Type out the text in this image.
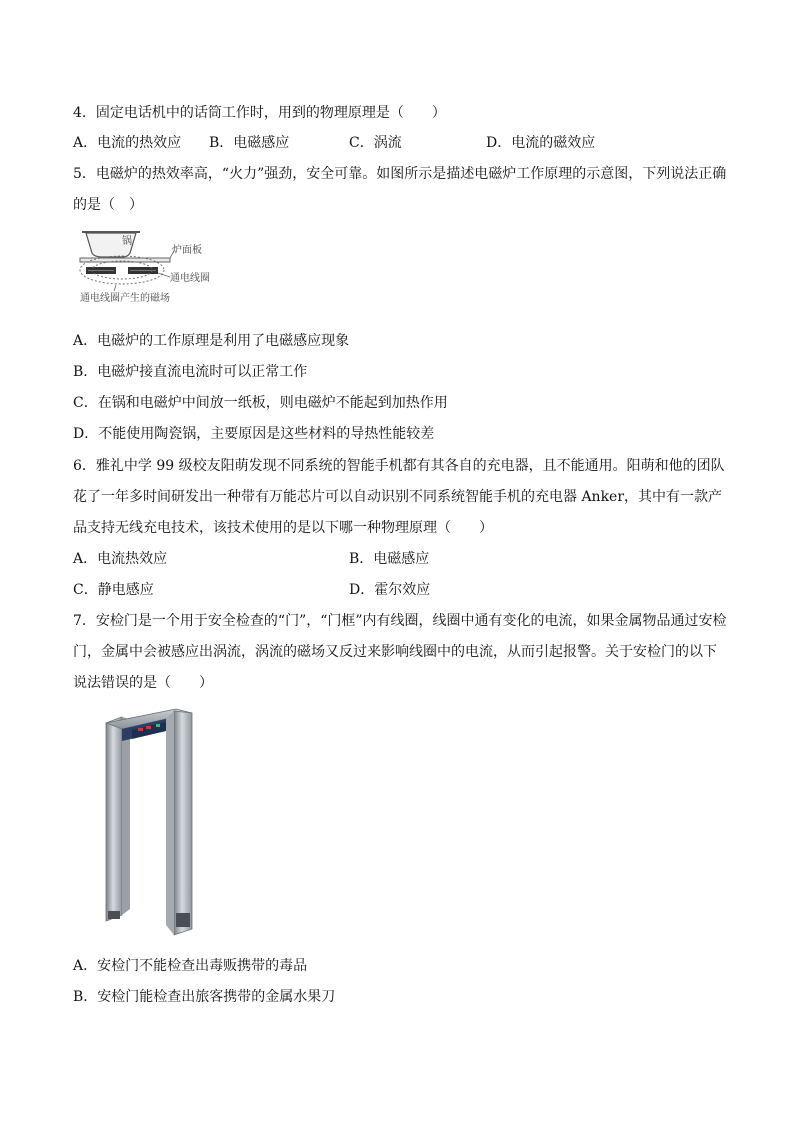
4．固定电话机中的话筒工作时，用到的物理原理是（　　）
A．电流的热效应 B．电磁感应	C．涡流	D．电流的磁效应
5．电磁炉的热效率高，“火力”强劲，安全可靠。如图所示是描述电磁炉工作原理的示意图，下列说法正确
的是（　）
锅
炉面板
通电线圈
通电线圈产生的磁场
A．电磁炉的工作原理是利用了电磁感应现象
B．电磁炉接直流电流时可以正常工作
C．在锅和电磁炉中间放一纸板，则电磁炉不能起到加热作用
D．不能使用陶瓷锅，主要原因是这些材料的导热性能较差
6．雅礼中学 99 级校友阳萌发现不同系统的智能手机都有其各自的充电器，且不能通用。阳萌和他的团队
花了一年多时间研发出一种带有万能芯片可以自动识别不同系统智能手机的充电器 Anker，其中有一款产
品支持无线充电技术，该技术使用的是以下哪一种物理原理（　　）
A．电流热效应	B．电磁感应
C．静电感应	D．霍尔效应
7．安检门是一个用于安全检查的“门”，“门框”内有线圈，线圈中通有变化的电流，如果金属物品通过安检
门，金属中会被感应出涡流，涡流的磁场又反过来影响线圈中的电流，从而引起报警。关于安检门的以下
说法错误的是（　　）
A．安检门不能检查出毒贩携带的毒品
B．安检门能检查出旅客携带的金属水果刀
